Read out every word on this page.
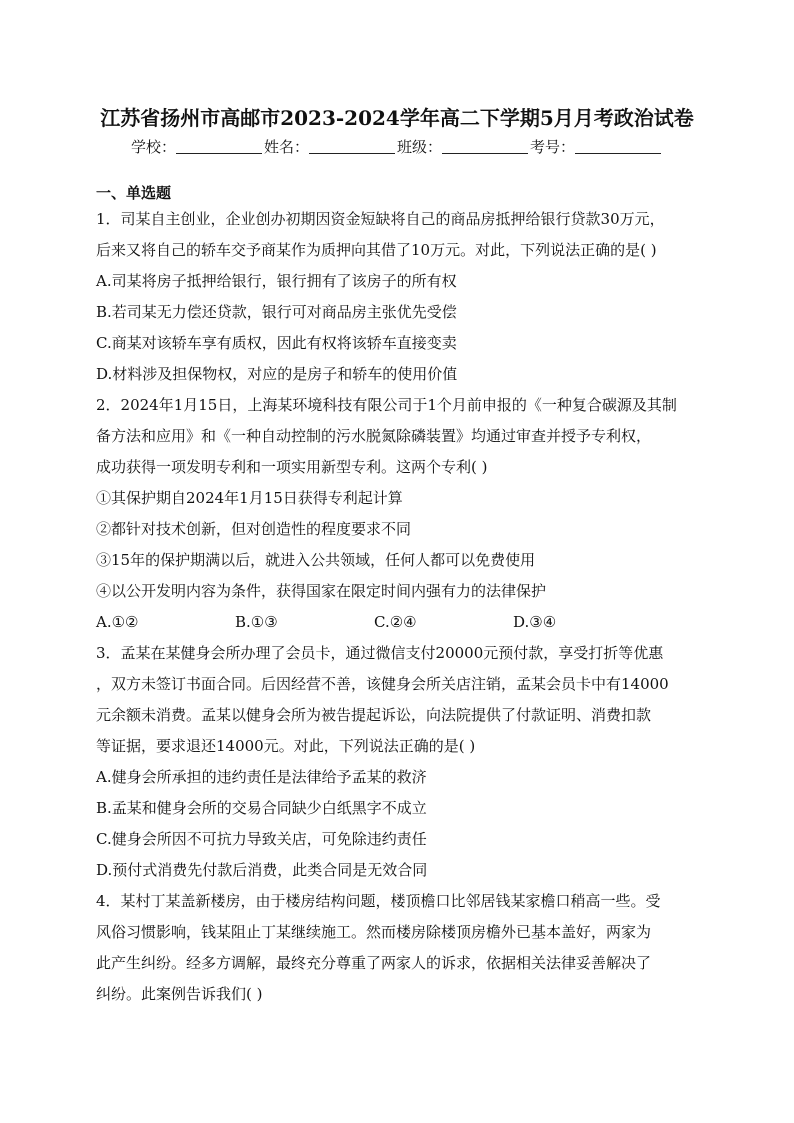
江苏省扬州市高邮市2023-2024学年高二下学期5月月考政治试卷
学校：	姓名：	班级：	考号：
一、单选题
1．司某自主创业，企业创办初期因资金短缺将自己的商品房抵押给银行贷款30万元，
后来又将自己的轿车交予商某作为质押向其借了10万元。对此，下列说法正确的是( )
A.司某将房子抵押给银行，银行拥有了该房子的所有权
B.若司某无力偿还贷款，银行可对商品房主张优先受偿
C.商某对该轿车享有质权，因此有权将该轿车直接变卖
D.材料涉及担保物权，对应的是房子和轿车的使用价值
2．2024年1月15日，上海某环境科技有限公司于1个月前申报的《一种复合碳源及其制
备方法和应用》和《一种自动控制的污水脱氮除磷装置》均通过审查并授予专利权，
成功获得一项发明专利和一项实用新型专利。这两个专利( )
①其保护期自2024年1月15日获得专利起计算
②都针对技术创新，但对创造性的程度要求不同
③15年的保护期满以后，就进入公共领域，任何人都可以免费使用
④以公开发明内容为条件，获得国家在限定时间内强有力的法律保护
A.①②	B.①③	C.②④	D.③④
3．孟某在某健身会所办理了会员卡，通过微信支付20000元预付款，享受打折等优惠
，双方未签订书面合同。后因经营不善，该健身会所关店注销，孟某会员卡中有14000
元余额未消费。孟某以健身会所为被告提起诉讼，向法院提供了付款证明、消费扣款
等证据，要求退还14000元。对此，下列说法正确的是( )
A.健身会所承担的违约责任是法律给予孟某的救济
B.孟某和健身会所的交易合同缺少白纸黑字不成立
C.健身会所因不可抗力导致关店，可免除违约责任
D.预付式消费先付款后消费，此类合同是无效合同
4．某村丁某盖新楼房，由于楼房结构问题，楼顶檐口比邻居钱某家檐口稍高一些。受
风俗习惯影响，钱某阻止丁某继续施工。然而楼房除楼顶房檐外已基本盖好，两家为
此产生纠纷。经多方调解，最终充分尊重了两家人的诉求，依据相关法律妥善解决了
纠纷。此案例告诉我们( )
